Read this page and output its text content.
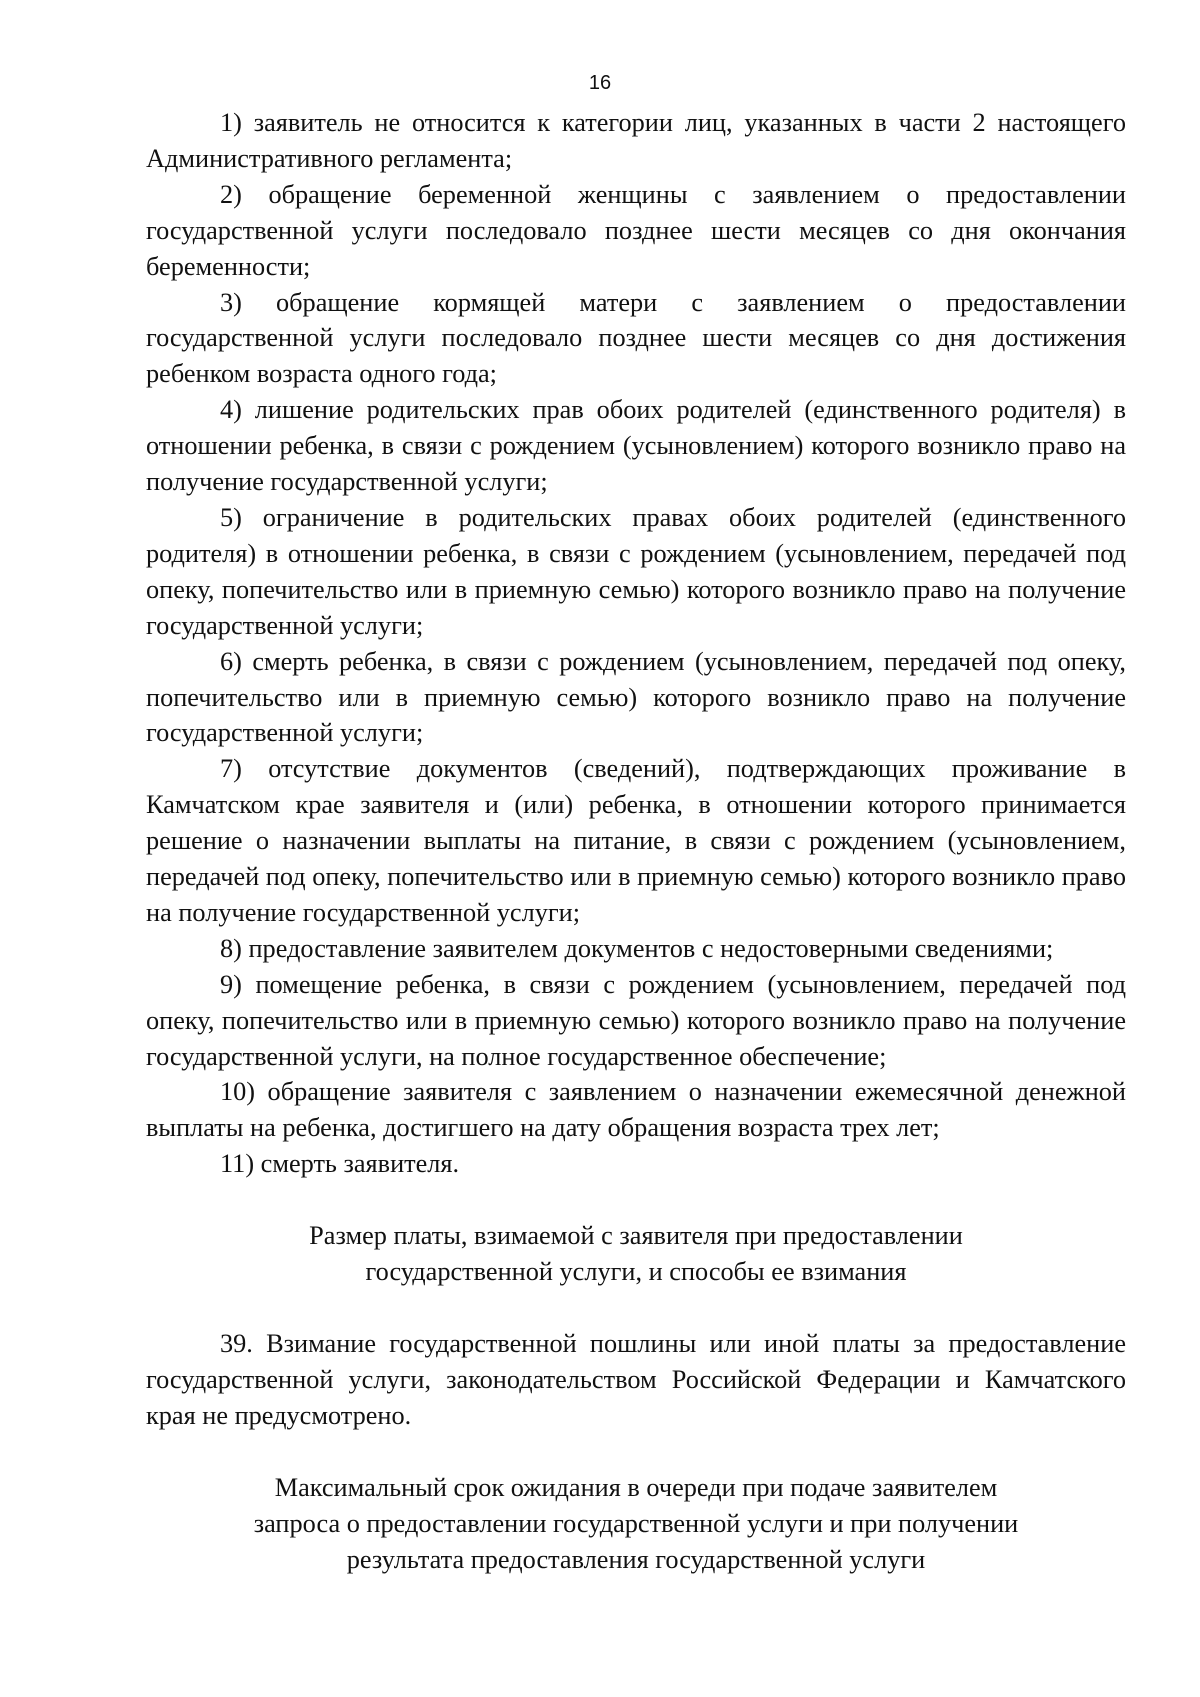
16

1) заявитель не относится к категории лиц, указанных в части 2 настоящего Административного регламента;

2) обращение беременной женщины с заявлением о предоставлении государственной услуги последовало позднее шести месяцев со дня окончания беременности;

3) обращение кормящей матери с заявлением о предоставлении государственной услуги последовало позднее шести месяцев со дня достижения ребенком возраста одного года;

4) лишение родительских прав обоих родителей (единственного родителя) в отношении ребенка, в связи с рождением (усыновлением) которого возникло право на получение государственной услуги;

5) ограничение в родительских правах обоих родителей (единственного родителя) в отношении ребенка, в связи с рождением (усыновлением, передачей под опеку, попечительство или в приемную семью) которого возникло право на получение государственной услуги;

6) смерть ребенка, в связи с рождением (усыновлением, передачей под опеку, попечительство или в приемную семью) которого возникло право на получение государственной услуги;

7) отсутствие документов (сведений), подтверждающих проживание в Камчатском крае заявителя и (или) ребенка, в отношении которого принимается решение о назначении выплаты на питание, в связи с рождением (усыновлением, передачей под опеку, попечительство или в приемную семью) которого возникло право на получение государственной услуги;

8) предоставление заявителем документов с недостоверными сведениями;

9) помещение ребенка, в связи с рождением (усыновлением, передачей под опеку, попечительство или в приемную семью) которого возникло право на получение государственной услуги, на полное государственное обеспечение;

10) обращение заявителя с заявлением о назначении ежемесячной денежной выплаты на ребенка, достигшего на дату обращения возраста трех лет;

11) смерть заявителя.

Размер платы, взимаемой с заявителя при предоставлении
государственной услуги, и способы ее взимания

39. Взимание государственной пошлины или иной платы за предоставление государственной услуги, законодательством Российской Федерации и Камчатского края не предусмотрено.

Максимальный срок ожидания в очереди при подаче заявителем
запроса о предоставлении государственной услуги и при получении
результата предоставления государственной услуги
